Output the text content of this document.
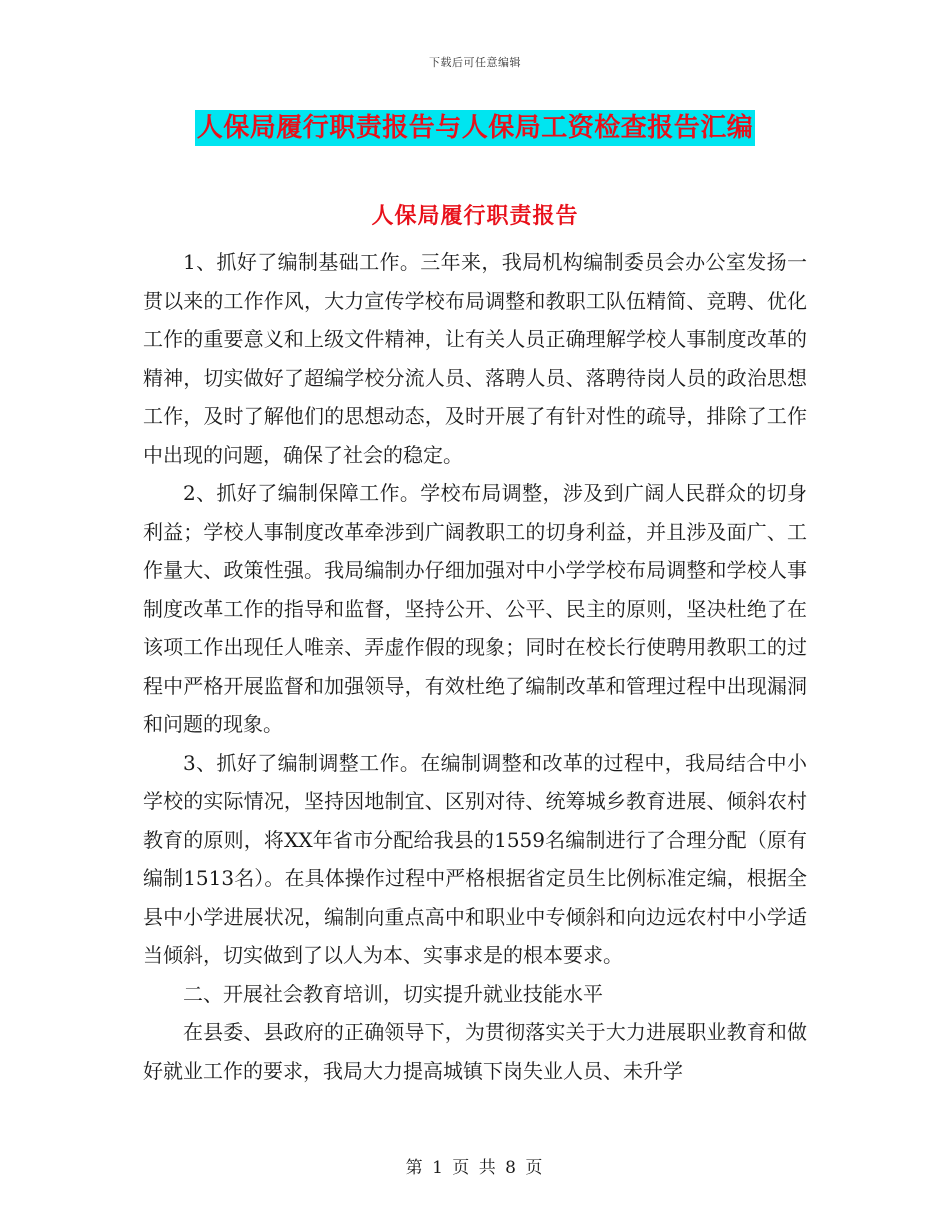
下载后可任意编辑
人保局履行职责报告与人保局工资检查报告汇编
人保局履行职责报告

1、抓好了编制基础工作。三年来，我局机构编制委员会办公室发扬一贯以来的工作作风，大力宣传学校布局调整和教职工队伍精简、竞聘、优化工作的重要意义和上级文件精神，让有关人员正确理解学校人事制度改革的精神，切实做好了超编学校分流人员、落聘人员、落聘待岗人员的政治思想工作，及时了解他们的思想动态，及时开展了有针对性的疏导，排除了工作中出现的问题，确保了社会的稳定。

2、抓好了编制保障工作。学校布局调整，涉及到广阔人民群众的切身利益；学校人事制度改革牵涉到广阔教职工的切身利益，并且涉及面广、工作量大、政策性强。我局编制办仔细加强对中小学学校布局调整和学校人事制度改革工作的指导和监督，坚持公开、公平、民主的原则，坚决杜绝了在该项工作出现任人唯亲、弄虚作假的现象；同时在校长行使聘用教职工的过程中严格开展监督和加强领导，有效杜绝了编制改革和管理过程中出现漏洞和问题的现象。

3、抓好了编制调整工作。在编制调整和改革的过程中，我局结合中小学校的实际情况，坚持因地制宜、区别对待、统筹城乡教育进展、倾斜农村教育的原则，将XX年省市分配给我县的1559名编制进行了合理分配（原有编制1513名）。在具体操作过程中严格根据省定员生比例标准定编，根据全县中小学进展状况，编制向重点高中和职业中专倾斜和向边远农村中小学适当倾斜，切实做到了以人为本、实事求是的根本要求。

二、开展社会教育培训，切实提升就业技能水平

在县委、县政府的正确领导下，为贯彻落实关于大力进展职业教育和做好就业工作的要求，我局大力提高城镇下岗失业人员、未升学

第 1 页 共 8 页
